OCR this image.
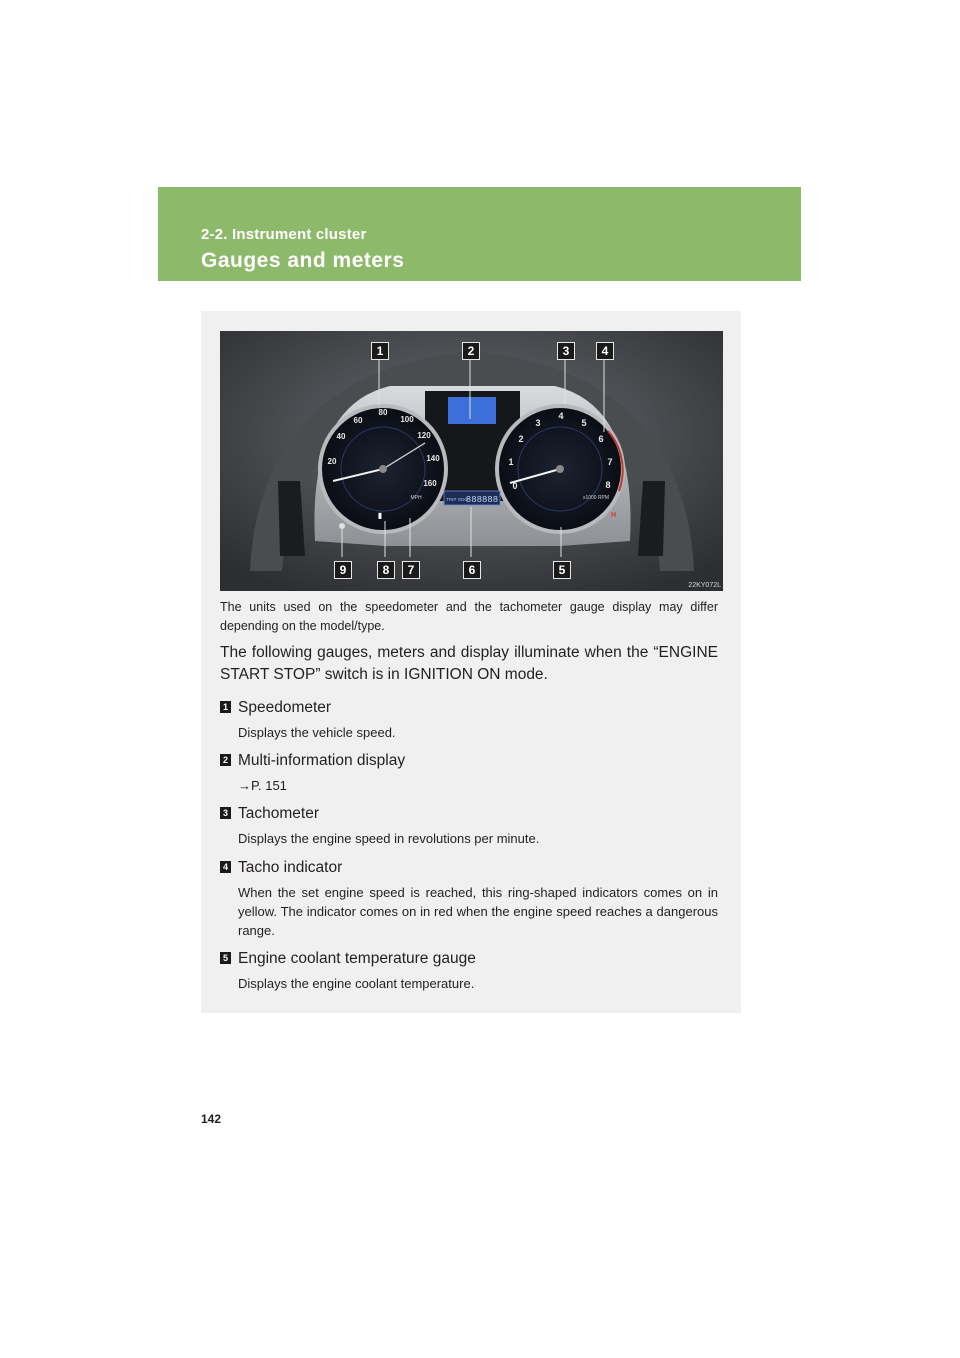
2-2. Instrument cluster
Gauges and meters
20
40
60
80
100
120
140
160
MPH
▮
0
1
2
3
4
5
6
7
8
x1000 RPM
H
TRIP ODO
888888
1	2	3	4
9	8	7	6	5
22KY072L
The units used on the speedometer and the tachometer gauge display may differ depending on the model/type.
The following gauges, meters and display illuminate when the “ENGINE START STOP” switch is in IGNITION ON mode.
1 Speedometer
Displays the vehicle speed.
2 Multi-information display
→P. 151
3 Tachometer
Displays the engine speed in revolutions per minute.
4 Tacho indicator
When the set engine speed is reached, this ring-shaped indicators comes on in yellow. The indicator comes on in red when the engine speed reaches a dangerous range.
5 Engine coolant temperature gauge
Displays the engine coolant temperature.
142
